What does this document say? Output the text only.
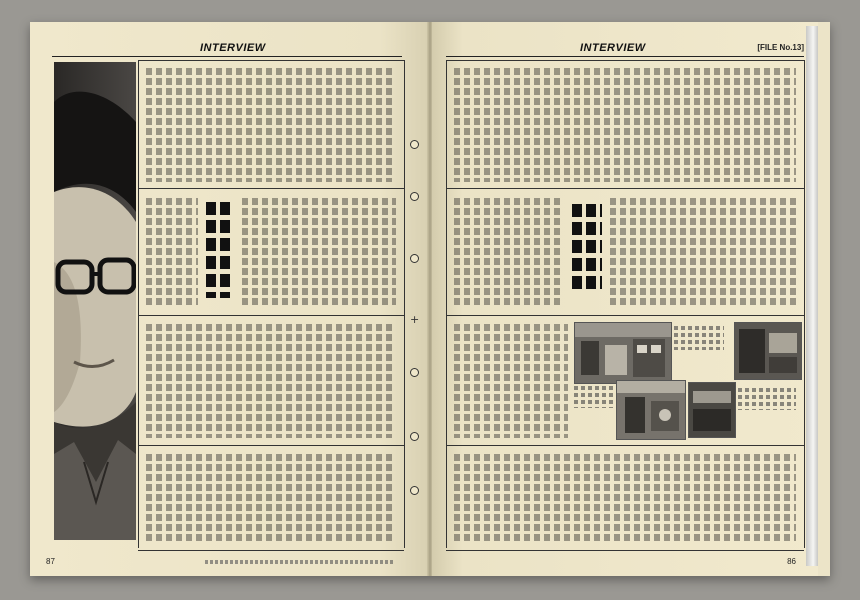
INTERVIEW
+
87
INTERVIEW	[FILE No.13]
86
